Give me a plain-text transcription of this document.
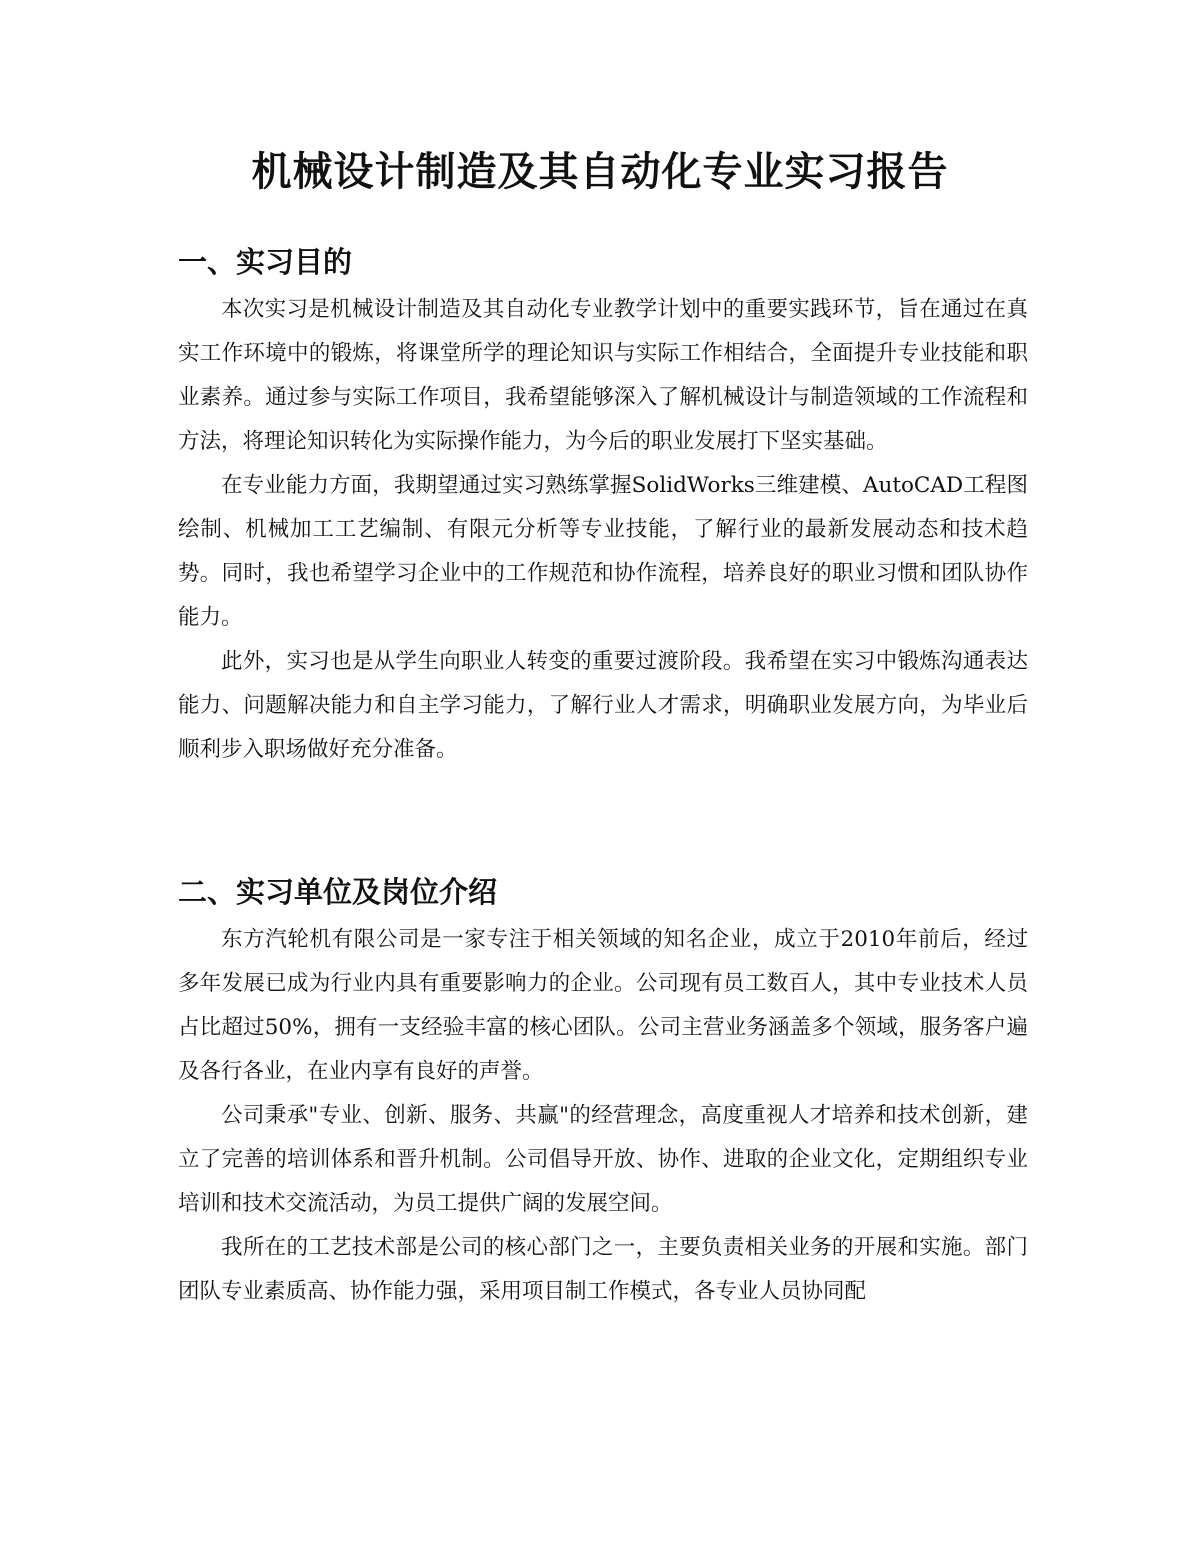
机械设计制造及其自动化专业实习报告
一、实习目的

本次实习是机械设计制造及其自动化专业教学计划中的重要实践环节，旨在通过在真实工作环境中的锻炼，将课堂所学的理论知识与实际工作相结合，全面提升专业技能和职业素养。通过参与实际工作项目，我希望能够深入了解机械设计与制造领域的工作流程和方法，将理论知识转化为实际操作能力，为今后的职业发展打下坚实基础。

在专业能力方面，我期望通过实习熟练掌握SolidWorks三维建模、AutoCAD工程图绘制、机械加工工艺编制、有限元分析等专业技能，了解行业的最新发展动态和技术趋势。同时，我也希望学习企业中的工作规范和协作流程，培养良好的职业习惯和团队协作能力。

此外，实习也是从学生向职业人转变的重要过渡阶段。我希望在实习中锻炼沟通表达能力、问题解决能力和自主学习能力，了解行业人才需求，明确职业发展方向，为毕业后顺利步入职场做好充分准备。

二、实习单位及岗位介绍

东方汽轮机有限公司是一家专注于相关领域的知名企业，成立于2010年前后，经过多年发展已成为行业内具有重要影响力的企业。公司现有员工数百人，其中专业技术人员占比超过50%，拥有一支经验丰富的核心团队。公司主营业务涵盖多个领域，服务客户遍及各行各业，在业内享有良好的声誉。

公司秉承"专业、创新、服务、共赢"的经营理念，高度重视人才培养和技术创新，建立了完善的培训体系和晋升机制。公司倡导开放、协作、进取的企业文化，定期组织专业培训和技术交流活动，为员工提供广阔的发展空间。

我所在的工艺技术部是公司的核心部门之一，主要负责相关业务的开展和实施。部门团队专业素质高、协作能力强，采用项目制工作模式，各专业人员协同配
